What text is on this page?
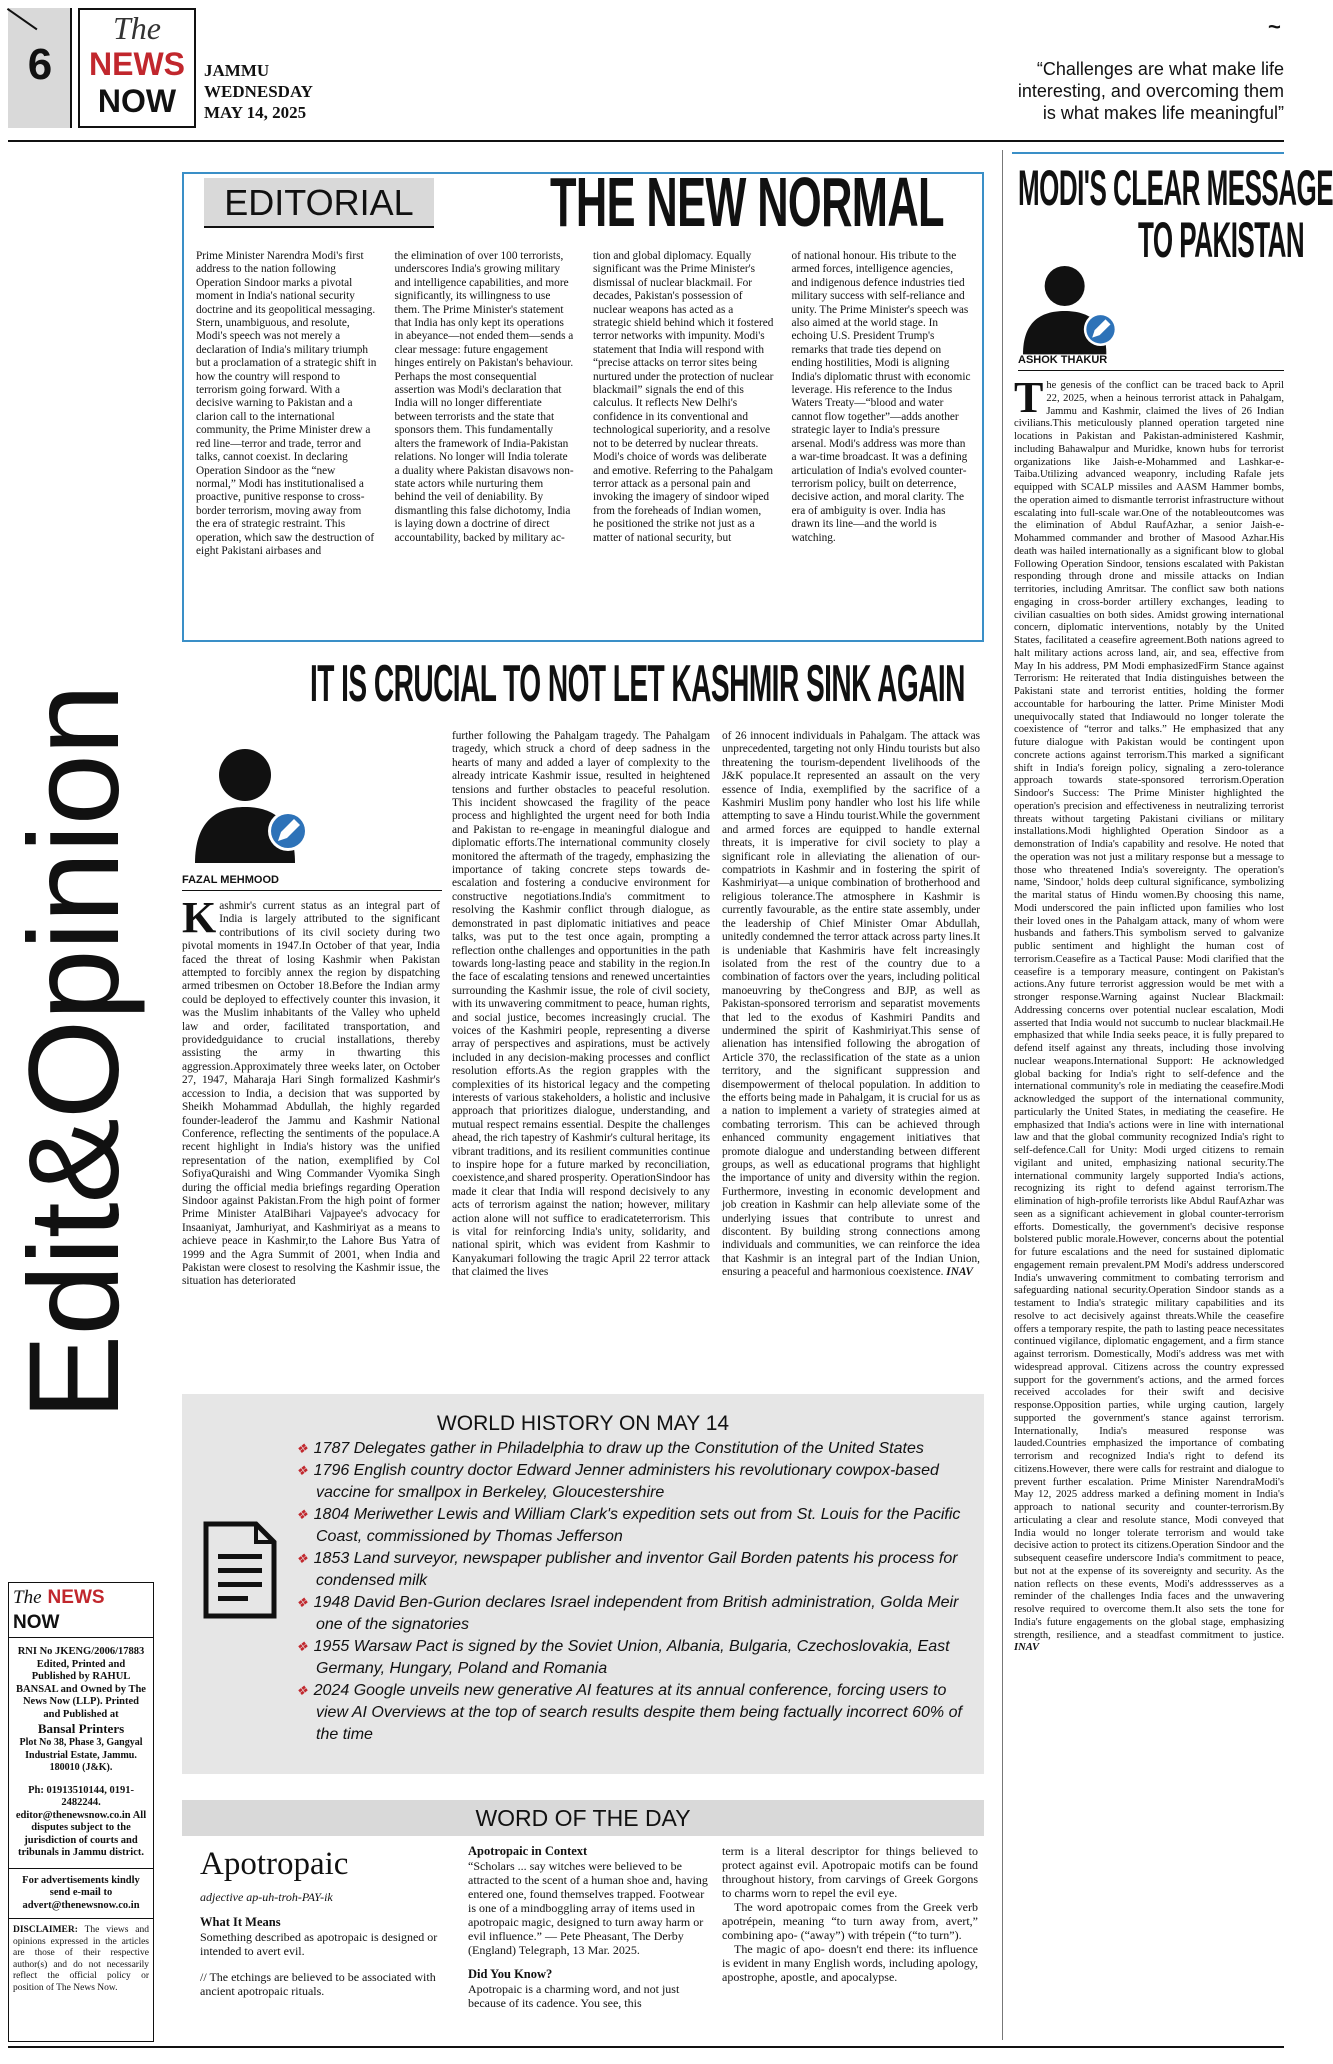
6
The
NEWS
NOW
JAMMU
WEDNESDAY
MAY 14, 2025
~
“Challenges are what make life interesting, and overcoming them is what makes life meaningful”
Edit&Opinion
EDITORIAL THE NEW NORMAL
Prime Minister Narendra Modi's first address to the nation following Operation Sindoor marks a pivotal moment in India's national security doctrine and its geopolitical messaging. Stern, unambiguous, and resolute, Modi's speech was not merely a declaration of India's military triumph but a proclamation of a strategic shift in how the country will respond to terrorism going forward. With a decisive warning to Pakistan and a clarion call to the international community, the Prime Minister drew a red line—terror and trade, terror and talks, cannot coexist. In declaring Operation Sindoor as the “new normal,” Modi has institutionalised a proactive, punitive response to cross-border terrorism, moving away from the era of strategic restraint. This operation, which saw the destruction of eight Pakistani airbases and
the elimination of over 100 terrorists, underscores India's growing military and intelligence capabilities, and more significantly, its willingness to use them. The Prime Minister's statement that India has only kept its operations in abeyance—not ended them—sends a clear message: future engagement hinges entirely on Pakistan's behaviour. Perhaps the most consequential assertion was Modi's declaration that India will no longer differentiate between terrorists and the state that sponsors them. This fundamentally alters the framework of India-Pakistan relations. No longer will India tolerate a duality where Pakistan disavows non-state actors while nurturing them behind the veil of deniability. By dismantling this false dichotomy, India is laying down a doctrine of direct accountability, backed by military ac-
tion and global diplomacy. Equally significant was the Prime Minister's dismissal of nuclear blackmail. For decades, Pakistan's possession of nuclear weapons has acted as a strategic shield behind which it fostered terror networks with impunity. Modi's statement that India will respond with “precise attacks on terror sites being nurtured under the protection of nuclear blackmail” signals the end of this calculus. It reflects New Delhi's confidence in its conventional and technological superiority, and a resolve not to be deterred by nuclear threats. Modi's choice of words was deliberate and emotive. Referring to the Pahalgam terror attack as a personal pain and invoking the imagery of sindoor wiped from the foreheads of Indian women, he positioned the strike not just as a matter of national security, but
of national honour. His tribute to the armed forces, intelligence agencies, and indigenous defence industries tied military success with self-reliance and unity. The Prime Minister's speech was also aimed at the world stage. In echoing U.S. President Trump's remarks that trade ties depend on ending hostilities, Modi is aligning India's diplomatic thrust with economic leverage. His reference to the Indus Waters Treaty—“blood and water cannot flow together”—adds another strategic layer to India's pressure arsenal. Modi's address was more than a war-time broadcast. It was a defining articulation of India's evolved counter-terrorism policy, built on deterrence, decisive action, and moral clarity. The era of ambiguity is over. India has drawn its line—and the world is watching.
IT IS CRUCIAL TO NOT LET KASHMIR SINK AGAIN
FAZAL MEHMOOD
Kashmir's current status as an integral part of India is largely attributed to the significant contributions of its civil society during two pivotal moments in 1947.In October of that year, India faced the threat of losing Kashmir when Pakistan attempted to forcibly annex the region by dispatching armed tribesmen on October 18.Before the Indian army could be deployed to effectively counter this invasion, it was the Muslim inhabitants of the Valley who upheld law and order, facilitated transportation, and providedguidance to crucial installations, thereby assisting the army in thwarting this aggression.Approximately three weeks later, on October 27, 1947, Maharaja Hari Singh formalized Kashmir's accession to India, a decision that was supported by Sheikh Mohammad Abdullah, the highly regarded founder-leaderof the Jammu and Kashmir National Conference, reflecting the sentiments of the populace.A recent highlight in India's history was the unified representation of the nation, exemplified by Col SofiyaQuraishi and Wing Commander Vyomika Singh during the official media briefings regarding Operation Sindoor against Pakistan.From the high point of former Prime Minister AtalBihari Vajpayee's advocacy for Insaaniyat, Jamhuriyat, and Kashmiriyat as a means to achieve peace in Kashmir,to the Lahore Bus Yatra of 1999 and the Agra Summit of 2001, when India and Pakistan were closest to resolving the Kashmir issue, the situation has deteriorated
further following the Pahalgam tragedy. The Pahalgam tragedy, which struck a chord of deep sadness in the hearts of many and added a layer of complexity to the already intricate Kashmir issue, resulted in heightened tensions and further obstacles to peaceful resolution. This incident showcased the fragility of the peace process and highlighted the urgent need for both India and Pakistan to re-engage in meaningful dialogue and diplomatic efforts.The international community closely monitored the aftermath of the tragedy, emphasizing the importance of taking concrete steps towards de-escalation and fostering a conducive environment for constructive negotiations.India's commitment to resolving the Kashmir conflict through dialogue, as demonstrated in past diplomatic initiatives and peace talks, was put to the test once again, prompting a reflection onthe challenges and opportunities in the path towards long-lasting peace and stability in the region.In the face of escalating tensions and renewed uncertainties surrounding the Kashmir issue, the role of civil society, with its unwavering commitment to peace, human rights, and social justice, becomes increasingly crucial. The voices of the Kashmiri people, representing a diverse array of perspectives and aspirations, must be actively included in any decision-making processes and conflict resolution efforts.As the region grapples with the complexities of its historical legacy and the competing interests of various stakeholders, a holistic and inclusive approach that prioritizes dialogue, understanding, and mutual respect remains essential. Despite the challenges ahead, the rich tapestry of Kashmir's cultural heritage, its vibrant traditions, and its resilient communities continue to inspire hope for a future marked by reconciliation, coexistence,and shared prosperity. OperationSindoor has made it clear that India will respond decisively to any acts of terrorism against the nation; however, military action alone will not suffice to eradicateterrorism. This is vital for reinforcing India's unity, solidarity, and national spirit, which was evident from Kashmir to Kanyakumari following the tragic April 22 terror attack that claimed the lives
of 26 innocent individuals in Pahalgam. The attack was unprecedented, targeting not only Hindu tourists but also threatening the tourism-dependent livelihoods of the J&K populace.It represented an assault on the very essence of India, exemplified by the sacrifice of a Kashmiri Muslim pony handler who lost his life while attempting to save a Hindu tourist.While the government and armed forces are equipped to handle external threats, it is imperative for civil society to play a significant role in alleviating the alienation of our-compatriots in Kashmir and in fostering the spirit of Kashmiriyat—a unique combination of brotherhood and religious tolerance.The atmosphere in Kashmir is currently favourable, as the entire state assembly, under the leadership of Chief Minister Omar Abdullah, unitedly condemned the terror attack across party lines.It is undeniable that Kashmiris have felt increasingly isolated from the rest of the country due to a combination of factors over the years, including political manoeuvring by theCongress and BJP, as well as Pakistan-sponsored terrorism and separatist movements that led to the exodus of Kashmiri Pandits and undermined the spirit of Kashmiriyat.This sense of alienation has intensified following the abrogation of Article 370, the reclassification of the state as a union territory, and the significant suppression and disempowerment of thelocal population. In addition to the efforts being made in Pahalgam, it is crucial for us as a nation to implement a variety of strategies aimed at combating terrorism. This can be achieved through enhanced community engagement initiatives that promote dialogue and understanding between different groups, as well as educational programs that highlight the importance of unity and diversity within the region. Furthermore, investing in economic development and job creation in Kashmir can help alleviate some of the underlying issues that contribute to unrest and discontent. By building strong connections among individuals and communities, we can reinforce the idea that Kashmir is an integral part of the Indian Union, ensuring a peaceful and harmonious coexistence. INAV
WORLD HISTORY ON MAY 14
❖ 1787 Delegates gather in Philadelphia to draw up the Constitution of the United States
❖ 1796 English country doctor Edward Jenner administers his revolutionary cowpox-based vaccine for smallpox in Berkeley, Gloucestershire
❖ 1804 Meriwether Lewis and William Clark's expedition sets out from St. Louis for the Pacific Coast, commissioned by Thomas Jefferson
❖ 1853 Land surveyor, newspaper publisher and inventor Gail Borden patents his process for condensed milk
❖ 1948 David Ben-Gurion declares Israel independent from British administration, Golda Meir one of the signatories
❖ 1955 Warsaw Pact is signed by the Soviet Union, Albania, Bulgaria, Czechoslovakia, East Germany, Hungary, Poland and Romania
❖ 2024 Google unveils new generative AI features at its annual conference, forcing users to view AI Overviews at the top of search results despite them being factually incorrect 60% of the time
WORD OF THE DAY
Apotropaic
adjective ap-uh-troh-PAY-ik
What It Means
Something described as apotropaic is designed or intended to avert evil.
// The etchings are believed to be associated with ancient apotropaic rituals.
Apotropaic in Context
“Scholars ... say witches were believed to be attracted to the scent of a human shoe and, having entered one, found themselves trapped. Footwear is one of a mindboggling array of items used in apotropaic magic, designed to turn away harm or evil influence.” — Pete Pheasant, The Derby (England) Telegraph, 13 Mar. 2025.
Did You Know?
Apotropaic is a charming word, and not just because of its cadence. You see, this
term is a literal descriptor for things believed to protect against evil. Apotropaic motifs can be found throughout history, from carvings of Greek Gorgons to charms worn to repel the evil eye.
The word apotropaic comes from the Greek verb apotrépein, meaning “to turn away from, avert,” combining apo- (“away”) with trépein (“to turn”).
The magic of apo- doesn't end there: its influence is evident in many English words, including apology, apostrophe, apostle, and apocalypse.
The NEWS NOW
RNI No JKENG/2006/17883 Edited, Printed and Published by RAHUL BANSAL and Owned by The News Now (LLP). Printed and Published at
Bansal Printers
Plot No 38, Phase 3, Gangyal Industrial Estate, Jammu. 180010 (J&K).
Ph: 01913510144, 0191-2482244.
editor@thenewsnow.co.in All disputes subject to the jurisdiction of courts and tribunals in Jammu district.
For advertisements kindly send e-mail to advert@thenewsnow.co.in
DISCLAIMER: The views and opinions expressed in the articles are those of their respective author(s) and do not necessarily reflect the official policy or position of The News Now.
MODI'S CLEAR MESSAGE
TO PAKISTAN
ASHOK THAKUR
The genesis of the conflict can be traced back to April 22, 2025, when a heinous terrorist attack in Pahalgam, Jammu and Kashmir, claimed the lives of 26 Indian civilians.This meticulously planned operation targeted nine locations in Pakistan and Pakistan-administered Kashmir, including Bahawalpur and Muridke, known hubs for terrorist organizations like Jaish-e-Mohammed and Lashkar-e-Taiba.Utilizing advanced weaponry, including Rafale jets equipped with SCALP missiles and AASM Hammer bombs, the operation aimed to dismantle terrorist infrastructure without escalating into full-scale war.One of the notableoutcomes was the elimination of Abdul RaufAzhar, a senior Jaish-e-Mohammed commander and brother of Masood Azhar.His death was hailed internationally as a significant blow to global Following Operation Sindoor, tensions escalated with Pakistan responding through drone and missile attacks on Indian territories, including Amritsar. The conflict saw both nations engaging in cross-border artillery exchanges, leading to civilian casualties on both sides. Amidst growing international concern, diplomatic interventions, notably by the United States, facilitated a ceasefire agreement.Both nations agreed to halt military actions across land, air, and sea, effective from May In his address, PM Modi emphasizedFirm Stance against Terrorism: He reiterated that India distinguishes between the Pakistani state and terrorist entities, holding the former accountable for harbouring the latter. Prime Minister Modi unequivocally stated that Indiawould no longer tolerate the coexistence of “terror and talks.” He emphasized that any future dialogue with Pakistan would be contingent upon concrete actions against terrorism.This marked a significant shift in India's foreign policy, signaling a zero-tolerance approach towards state-sponsored terrorism.Operation Sindoor's Success: The Prime Minister highlighted the operation's precision and effectiveness in neutralizing terrorist threats without targeting Pakistani civilians or military installations.Modi highlighted Operation Sindoor as a demonstration of India's capability and resolve. He noted that the operation was not just a military response but a message to those who threatened India's sovereignty. The operation's name, 'Sindoor,' holds deep cultural significance, symbolizing the marital status of Hindu women.By choosing this name, Modi underscored the pain inflicted upon families who lost their loved ones in the Pahalgam attack, many of whom were husbands and fathers.This symbolism served to galvanize public sentiment and highlight the human cost of terrorism.Ceasefire as a Tactical Pause: Modi clarified that the ceasefire is a temporary measure, contingent on Pakistan's actions.Any future terrorist aggression would be met with a stronger response.Warning against Nuclear Blackmail: Addressing concerns over potential nuclear escalation, Modi asserted that India would not succumb to nuclear blackmail.He emphasized that while India seeks peace, it is fully prepared to defend itself against any threats, including those involving nuclear weapons.International Support: He acknowledged global backing for India's right to self-defence and the international community's role in mediating the ceasefire.Modi acknowledged the support of the international community, particularly the United States, in mediating the ceasefire. He emphasized that India's actions were in line with international law and that the global community recognized India's right to self-defence.Call for Unity: Modi urged citizens to remain vigilant and united, emphasizing national security.The international community largely supported India's actions, recognizing its right to defend against terrorism.The elimination of high-profile terrorists like Abdul RaufAzhar was seen as a significant achievement in global counter-terrorism efforts. Domestically, the government's decisive response bolstered public morale.However, concerns about the potential for future escalations and the need for sustained diplomatic engagement remain prevalent.PM Modi's address underscored India's unwavering commitment to combating terrorism and safeguarding national security.Operation Sindoor stands as a testament to India's strategic military capabilities and its resolve to act decisively against threats.While the ceasefire offers a temporary respite, the path to lasting peace necessitates continued vigilance, diplomatic engagement, and a firm stance against terrorism. Domestically, Modi's address was met with widespread approval. Citizens across the country expressed support for the government's actions, and the armed forces received accolades for their swift and decisive response.Opposition parties, while urging caution, largely supported the government's stance against terrorism. Internationally, India's measured response was lauded.Countries emphasized the importance of combating terrorism and recognized India's right to defend its citizens.However, there were calls for restraint and dialogue to prevent further escalation. Prime Minister NarendraModi's May 12, 2025 address marked a defining moment in India's approach to national security and counter-terrorism.By articulating a clear and resolute stance, Modi conveyed that India would no longer tolerate terrorism and would take decisive action to protect its citizens.Operation Sindoor and the subsequent ceasefire underscore India's commitment to peace, but not at the expense of its sovereignty and security. As the nation reflects on these events, Modi's addressserves as a reminder of the challenges India faces and the unwavering resolve required to overcome them.It also sets the tone for India's future engagements on the global stage, emphasizing strength, resilience, and a steadfast commitment to justice. INAV
